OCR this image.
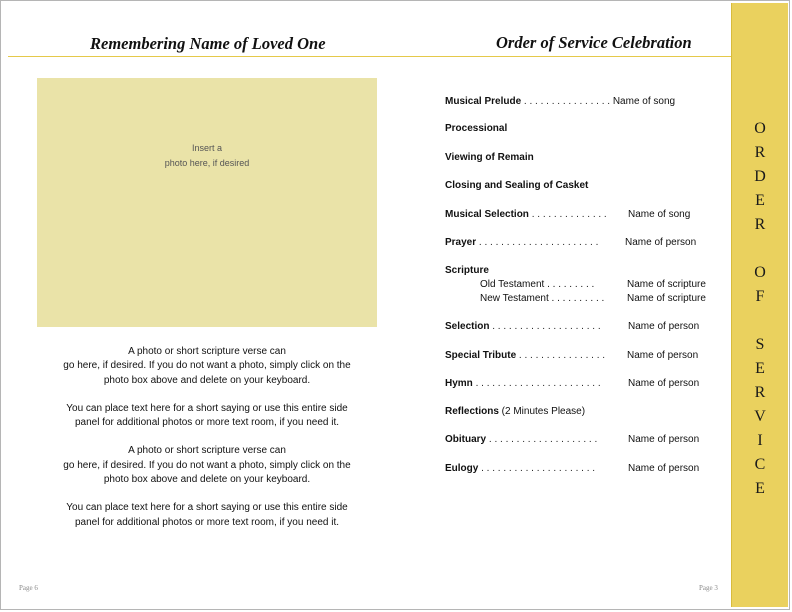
Remembering Name of Loved One	Order of Service Celebration
Insert a
photo here, if desired

A photo or short scripture verse can
go here, if desired. If you do not want a photo, simply click on the
photo box above and delete on your keyboard.

You can place text here for a short saying or use this entire side
panel for additional photos or more text room, if you need it.

A photo or short scripture verse can
go here, if desired. If you do not want a photo, simply click on the
photo box above and delete on your keyboard.

You can place text here for a short saying or use this entire side
panel for additional photos or more text room, if you need it.

Musical Prelude . . . . . . . . . . . . . . . . Name of song
Processional
Viewing of Remain
Closing and Sealing of Casket
Musical Selection . . . . . . . . . . . . . . Name of song
Prayer . . . . . . . . . . . . . . . . . . . . . .	Name of person
Scripture
Old Testament . . . . . . . . .	Name of scripture
New Testament . . . . . . . . . . Name of scripture
Selection . . . . . . . . . . . . . . . . . . . .	Name of person
Special Tribute . . . . . . . . . . . . . . . . Name of person
Hymn . . . . . . . . . . . . . . . . . . . . . . .	Name of person
Reflections (2 Minutes Please)
Obituary . . . . . . . . . . . . . . . . . . . .	Name of person
Eulogy . . . . . . . . . . . . . . . . . . . . .	Name of person
O
R
D
E
R
O
F
S
E
R
V
I
C
E
Page 6	Page 3
